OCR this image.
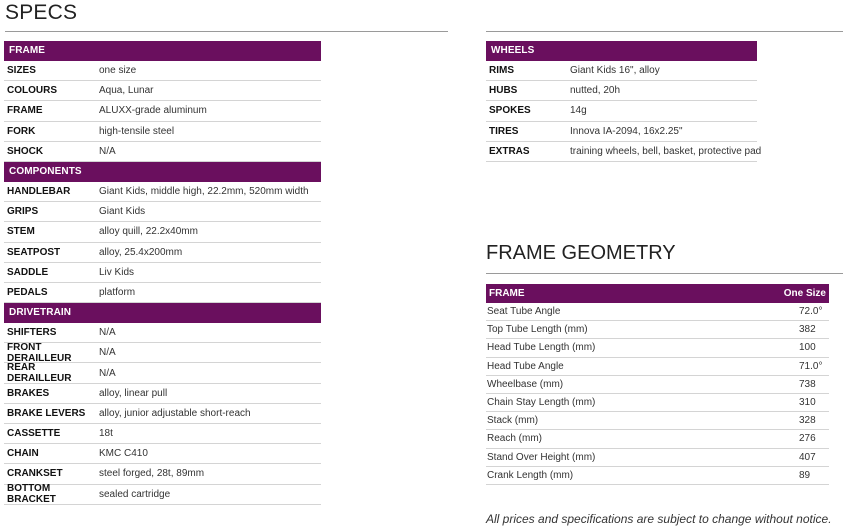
SPECS
FRAME
SIZES	one size
COLOURS	Aqua, Lunar
FRAME	ALUXX-grade aluminum
FORK	high-tensile steel
SHOCK	N/A
COMPONENTS
HANDLEBAR	Giant Kids, middle high, 22.2mm, 520mm width
GRIPS	Giant Kids
STEM	alloy quill, 22.2x40mm
SEATPOST	alloy, 25.4x200mm
SADDLE	Liv Kids
PEDALS	platform
DRIVETRAIN
SHIFTERS	N/A
FRONT DERAILLEUR	N/A
REAR DERAILLEUR	N/A
BRAKES	alloy, linear pull
BRAKE LEVERS	alloy, junior adjustable short-reach
CASSETTE	18t
CHAIN	KMC C410
CRANKSET	steel forged, 28t, 89mm
BOTTOM BRACKET	sealed cartridge
WHEELS
RIMS	Giant Kids 16", alloy
HUBS	nutted, 20h
SPOKES	14g
TIRES	Innova IA-2094, 16x2.25"
EXTRAS	training wheels, bell, basket, protective pad
FRAME GEOMETRY
FRAME	One Size
Seat Tube Angle	72.0°
Top Tube Length (mm)	382
Head Tube Length (mm)	100
Head Tube Angle	71.0°
Wheelbase (mm)	738
Chain Stay Length (mm)	310
Stack (mm)	328
Reach (mm)	276
Stand Over Height (mm)	407
Crank Length (mm)	89
All prices and specifications are subject to change without notice.
